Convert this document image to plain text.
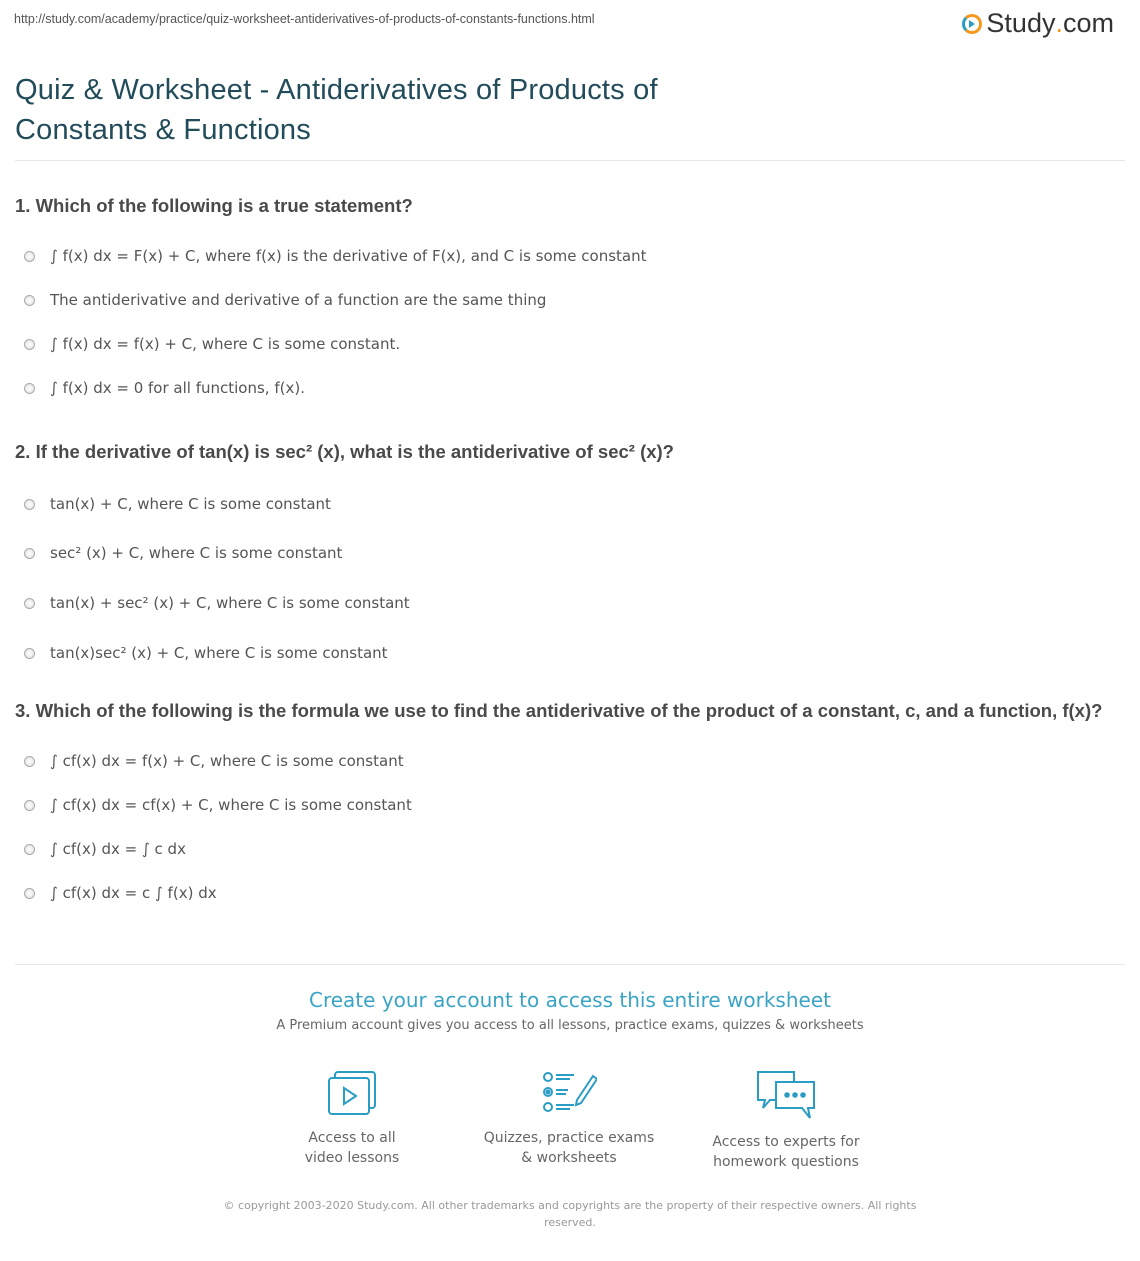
http://study.com/academy/practice/quiz-worksheet-antiderivatives-of-products-of-constants-functions.html	Study . com
Quiz & Worksheet - Antiderivatives of Products of Constants & Functions
1. Which of the following is a true statement?
∫ f(x) dx = F(x) + C, where f(x) is the derivative of F(x), and C is some constant
The antiderivative and derivative of a function are the same thing
∫ f(x) dx = f(x) + C, where C is some constant.
∫ f(x) dx = 0 for all functions, f(x).
2. If the derivative of tan(x) is sec² (x), what is the antiderivative of sec² (x)?
tan(x) + C, where C is some constant
sec² (x) + C, where C is some constant
tan(x) + sec² (x) + C, where C is some constant
tan(x)sec² (x) + C, where C is some constant
3. Which of the following is the formula we use to find the antiderivative of the product of a constant, c, and a function, f(x)?
∫ cf(x) dx = f(x) + C, where C is some constant
∫ cf(x) dx = cf(x) + C, where C is some constant
∫ cf(x) dx = ∫ c dx
∫ cf(x) dx = c ∫ f(x) dx
Create your account to access this entire worksheet
A Premium account gives you access to all lessons, practice exams, quizzes & worksheets
Access to all
video lessons
Quizzes, practice exams
& worksheets
Access to experts for
homework questions
© copyright 2003-2020 Study.com. All other trademarks and copyrights are the property of their respective owners. All rights reserved.
